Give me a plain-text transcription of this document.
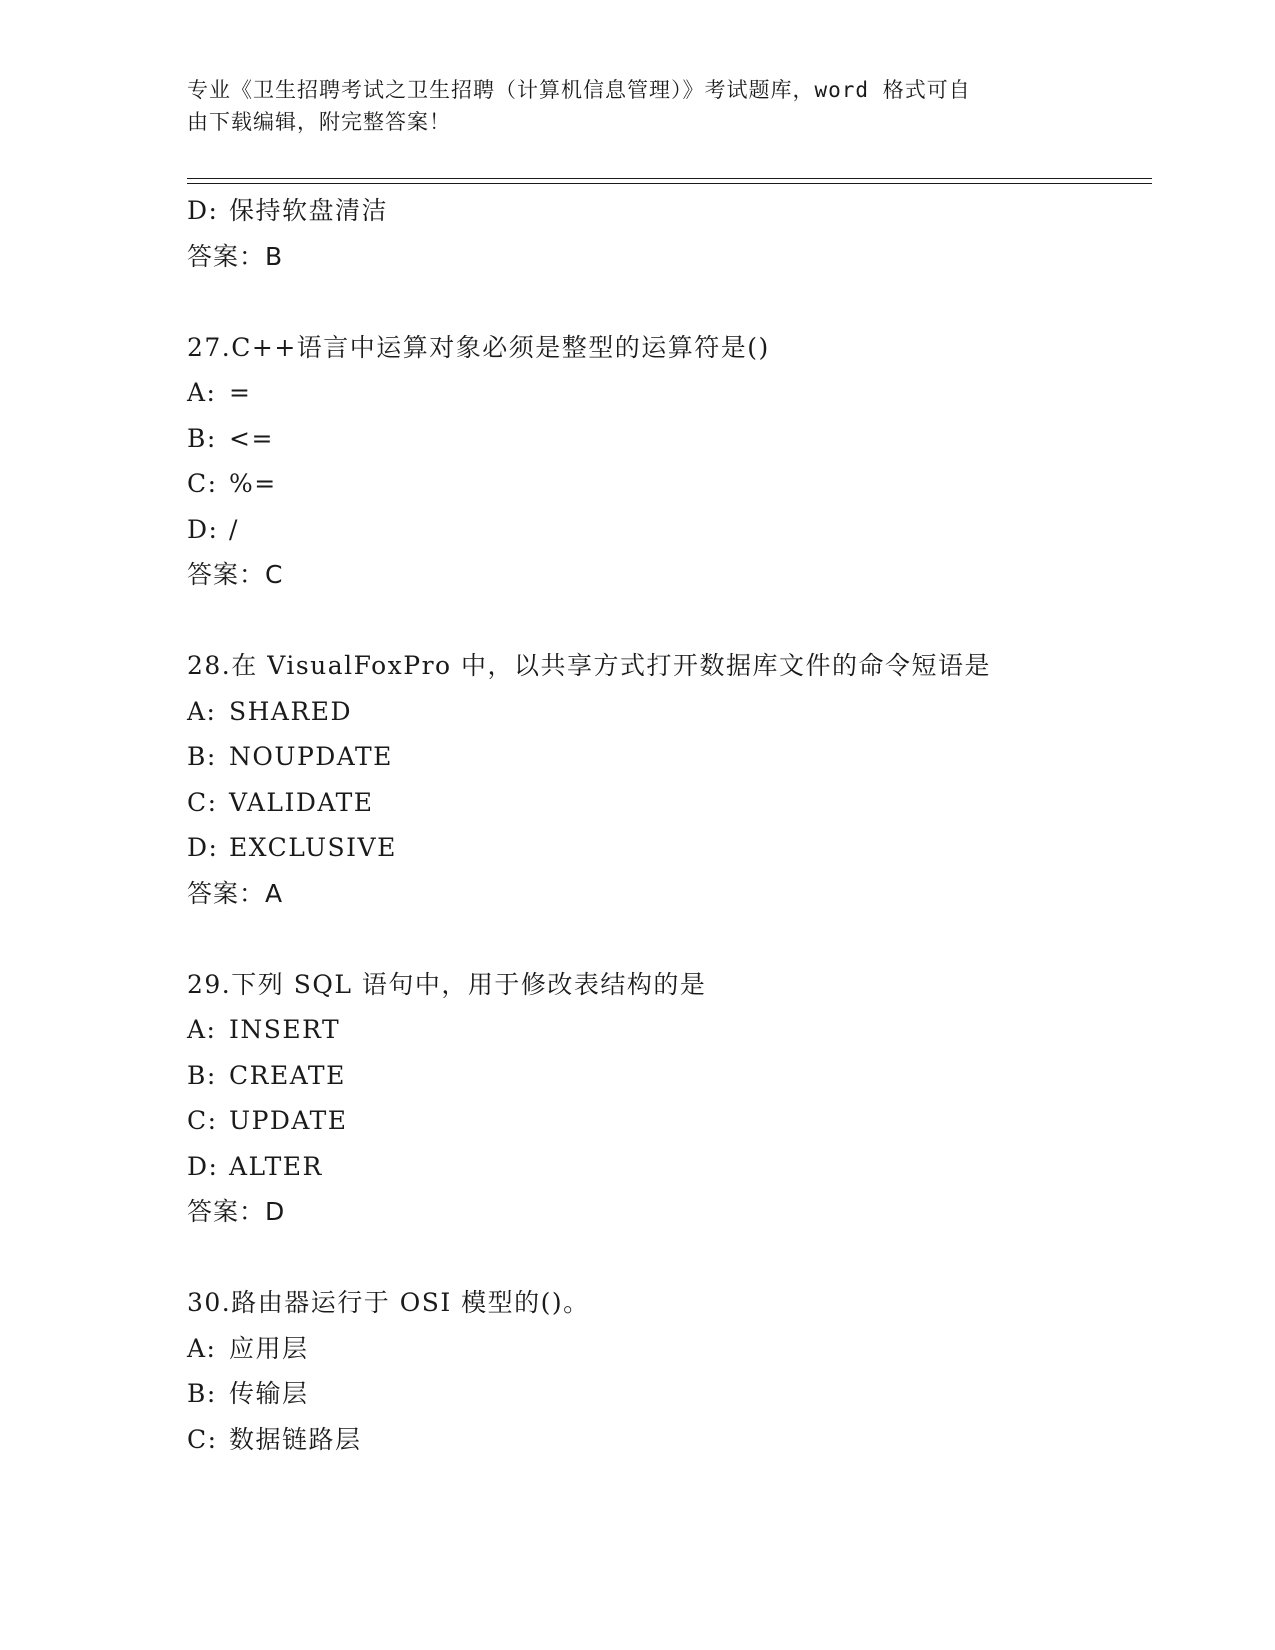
专业《卫生招聘考试之卫生招聘（计算机信息管理）》考试题库，word 格式可自
由下载编辑，附完整答案！
D: 保持软盘清洁
答案：B
27.C++语言中运算对象必须是整型的运算符是()
A: =
B: <=
C: %=
D: /
答案：C
28.在 VisualFoxPro 中，以共享方式打开数据库文件的命令短语是
A: SHARED
B: NOUPDATE
C: VALIDATE
D: EXCLUSIVE
答案：A
29.下列 SQL 语句中，用于修改表结构的是
A: INSERT
B: CREATE
C: UPDATE
D: ALTER
答案：D
30.路由器运行于 OSI 模型的()。
A: 应用层
B: 传输层
C: 数据链路层
